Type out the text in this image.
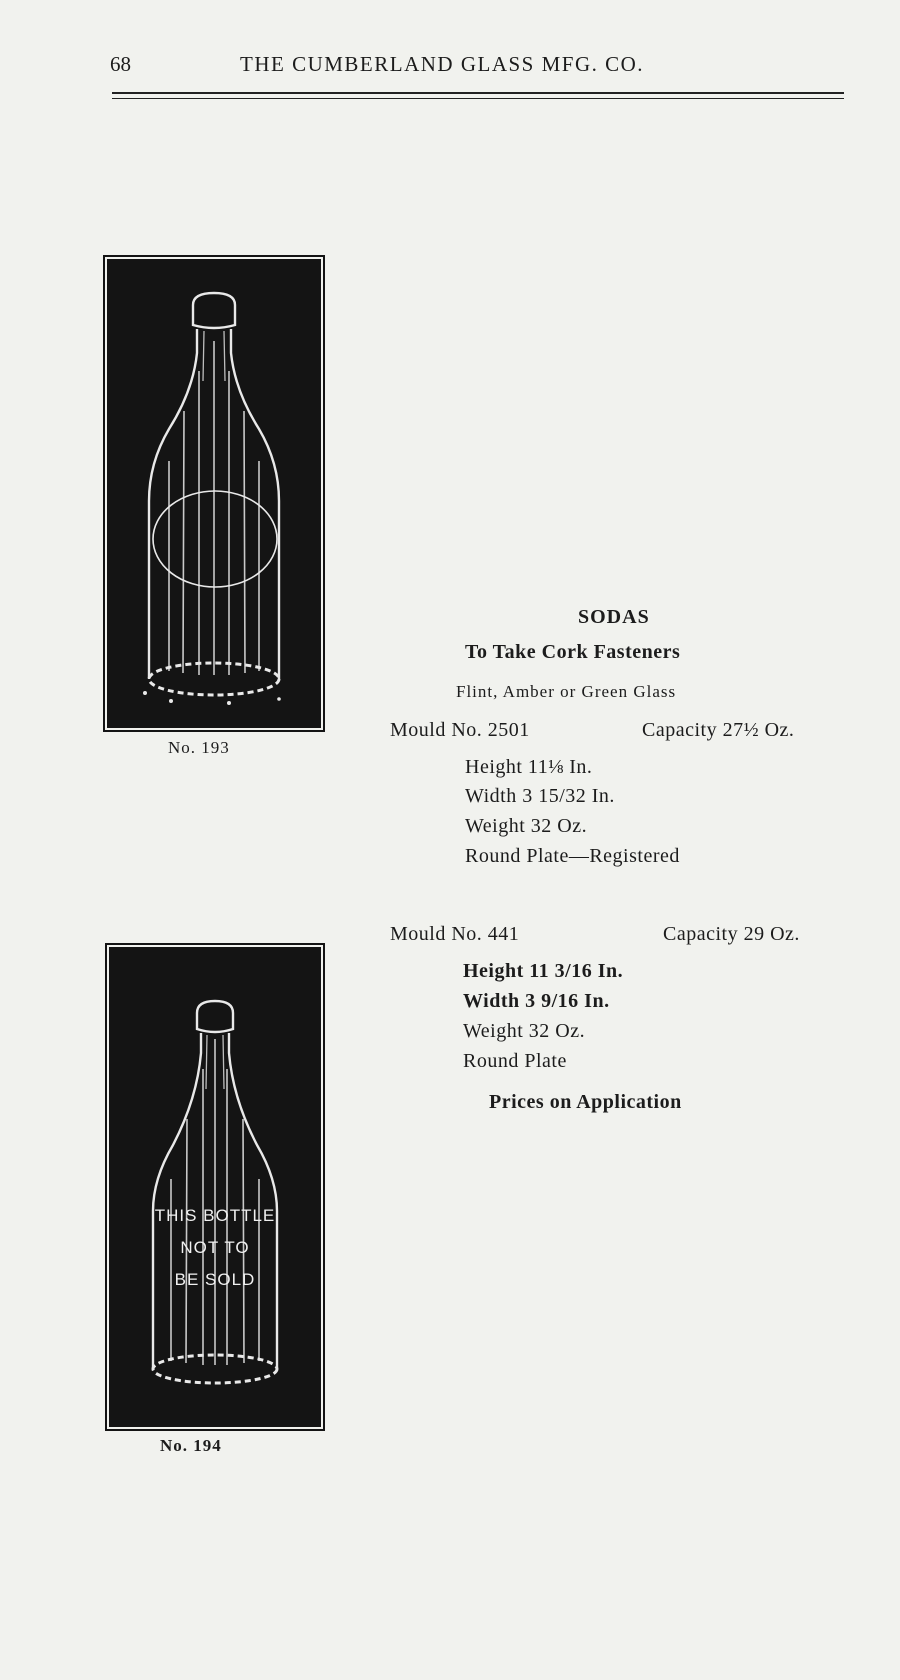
68	THE CUMBERLAND GLASS MFG. CO.
No. 193
THIS BOTTLE
NOT TO
BE SOLD
No. 194
SODAS
To Take Cork Fasteners
Flint, Amber or Green Glass
Mould No. 2501	Capacity 27½ Oz.
Height 11⅛ In.
Width 3 15/32 In.
Weight 32 Oz.
Round Plate—Registered
Mould No. 441	Capacity 29 Oz.
Height 11 3/16 In.
Width 3 9/16 In.
Weight 32 Oz.
Round Plate
Prices on Application
